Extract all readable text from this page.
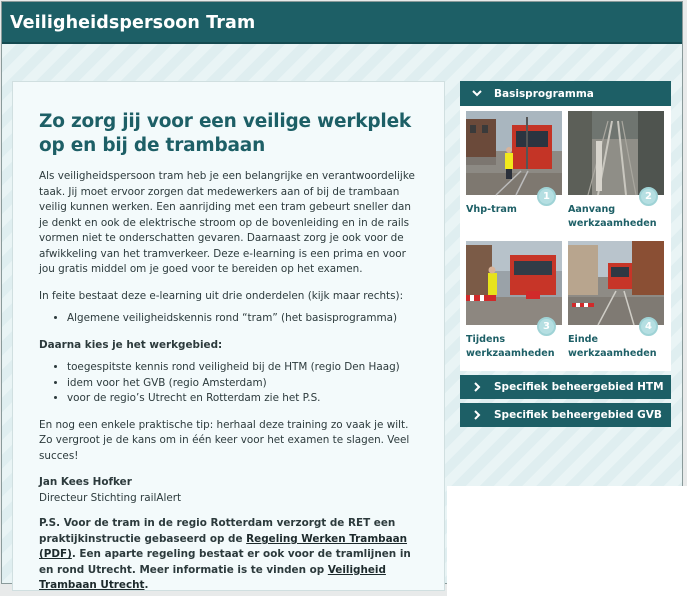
Veiligheidspersoon Tram
Zo zorg jij voor een veilige werkplek op en bij de trambaan

Als veiligheidspersoon tram heb je een belangrijke en verantwoordelijke taak. Jij moet ervoor zorgen dat medewerkers aan of bij de trambaan veilig kunnen werken. Een aanrijding met een tram gebeurt sneller dan je denkt en ook de elektrische stroom op de bovenleiding en in de rails vormen niet te onderschatten gevaren. Daarnaast zorg je ook voor de afwikkeling van het tramverkeer. Deze e-learning is een prima en voor jou gratis middel om je goed voor te bereiden op het examen.

In feite bestaat deze e-learning uit drie onderdelen (kijk maar rechts):

• Algemene veiligheidskennis rond “tram” (het basisprogramma)

Daarna kies je het werkgebied:

• toegespitste kennis rond veiligheid bij de HTM (regio Den Haag)
• idem voor het GVB (regio Amsterdam)
• voor de regio’s Utrecht en Rotterdam zie het P.S.

En nog een enkele praktische tip: herhaal deze training zo vaak je wilt. Zo vergroot je de kans om in één keer voor het examen te slagen. Veel succes!

Jan Kees Hofker

Directeur Stichting railAlert

P.S. Voor de tram in de regio Rotterdam verzorgt de RET een praktijkinstructie gebaseerd op de Regeling Werken Trambaan (PDF). Een aparte regeling bestaat er ook voor de tramlijnen in en rond Utrecht. Meer informatie is te vinden op Veiligheid Trambaan Utrecht.

Basisprogramma
1
Vhp-tram
2
Aanvang werkzaamheden
3
Tijdens werkzaamheden
4
Einde werkzaamheden
Specifiek beheergebied HTM
Specifiek beheergebied GVB
